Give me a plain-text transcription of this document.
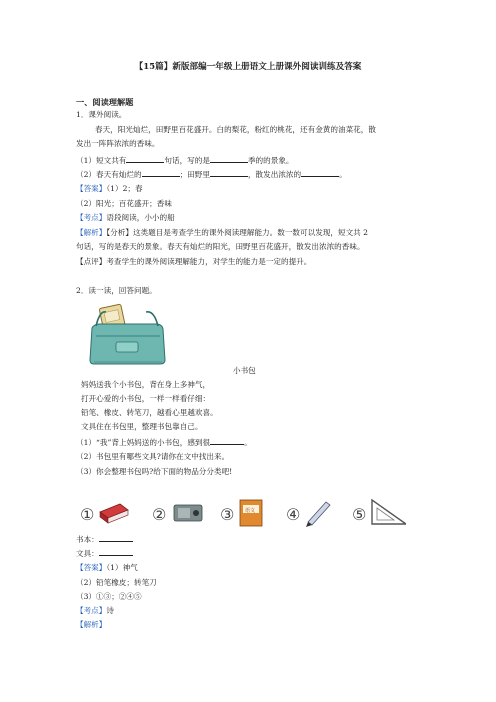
【15篇】新版部编一年级上册语文上册课外阅读训练及答案
一、阅读理解题
1．课外阅读。
春天，阳光灿烂，田野里百花盛开。白的梨花，粉红的桃花，还有金黄的油菜花，散
发出一阵阵浓浓的香味。
（1）短文共有	句话，写的是	季的的景象。
（2）春天有灿烂的	；田野里	，散发出浓浓的	。
【答案】（1）2；春
（2）阳光；百花盛开；香味
【考点】语段阅读，小小的船
【解析】【分析】这类题目是考查学生的课外阅读理解能力。数一数可以发现，短文共 2
句话，写的是春天的景象。春天有灿烂的阳光，田野里百花盛开，散发出浓浓的香味。
【点评】考查学生的课外阅读理解能力，对学生的能力是一定的提升。
2．读一读，回答问题。
小书包
妈妈送我个小书包，背在身上多神气，
打开心爱的小书包，一样一样看仔细：
铅笔、橡皮、转笔刀，越看心里越欢喜。
文具住在书包里，整理书包靠自己。
（1）“我”背上妈妈送的小书包，感到很	。
（2）书包里有哪些文具?请你在文中找出来。
（3）你会整理书包吗?给下面的物品分分类吧!
①	②	③ 语文 ④	⑤
书本：
文具：
【答案】（1）神气
（2）铅笔橡皮；转笔刀
（3）①③；②④⑤
【考点】诗
【解析】
